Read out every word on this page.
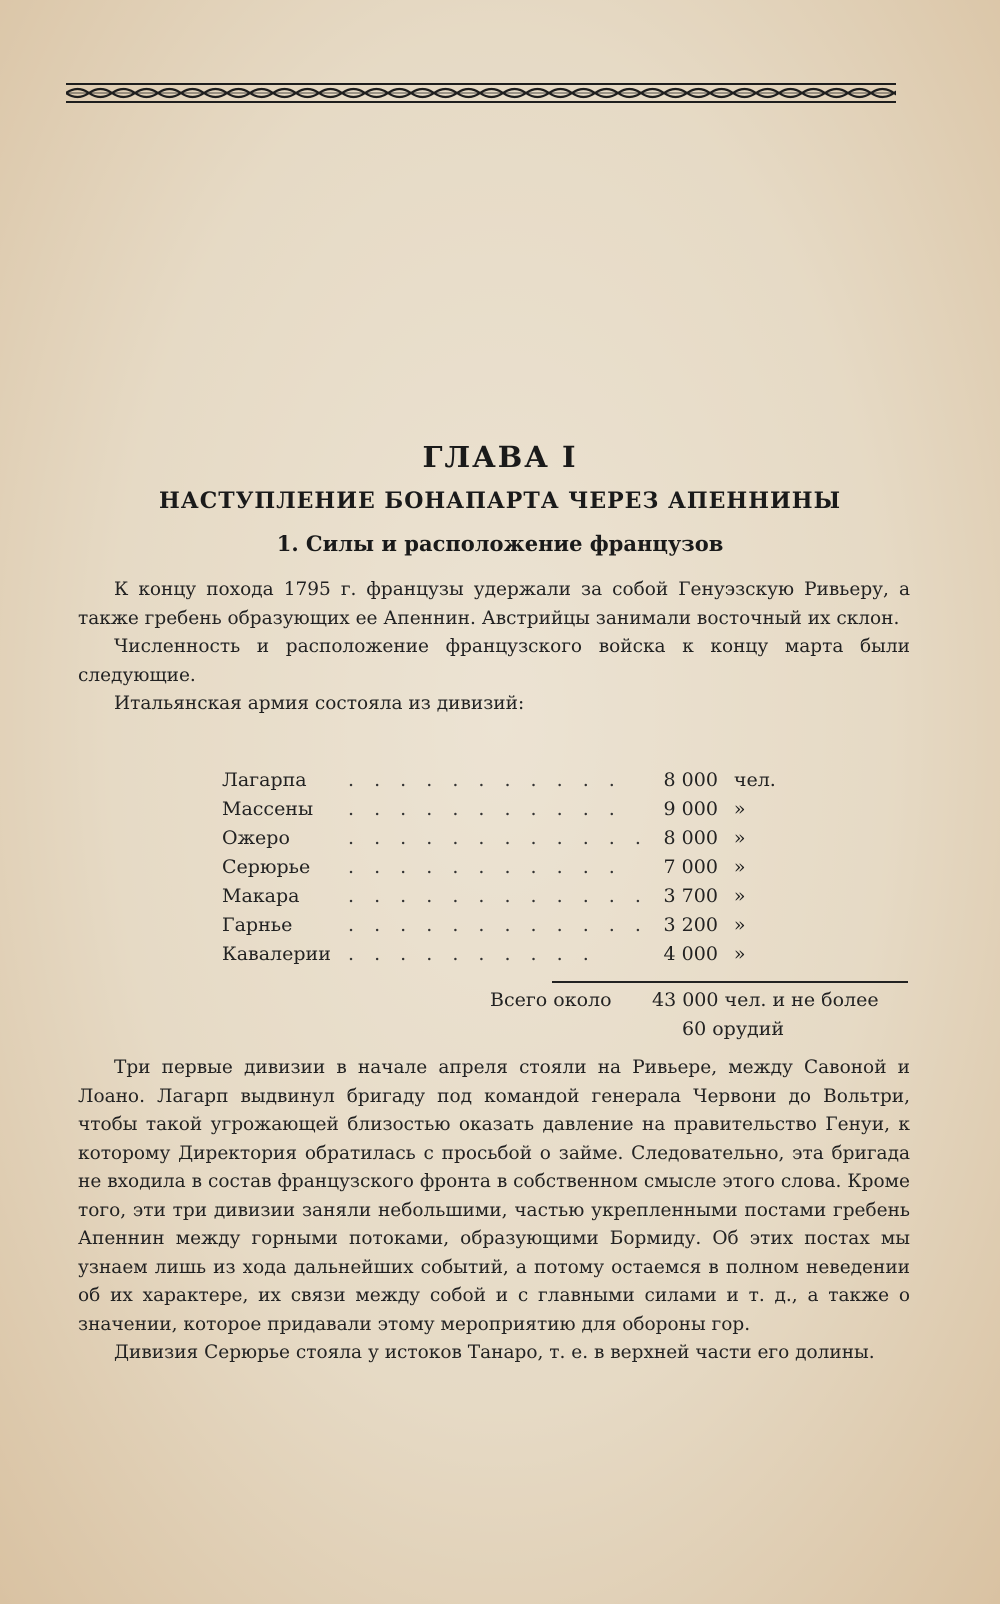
ГЛАВА I
НАСТУПЛЕНИЕ БОНАПАРТА ЧЕРЕЗ АПЕННИНЫ
1. Силы и расположение французов

К концу похода 1795 г. французы удержали за собой Генуэзскую Ривьеру, а также гребень образующих ее Апеннин. Австрийцы занимали восточный их склон.

Численность и расположение французского войска к концу марта были следующие.

Итальянская армия состояла из дивизий:

Лагарпа	. . . . . . . . . . .	8 000	чел.
Массены	. . . . . . . . . . .	9 000	»
Ожеро	. . . . . . . . . . . .	8 000	»
Серюрье	. . . . . . . . . . .	7 000	»
Макара	. . . . . . . . . . . .	3 700	»
Гарнье	. . . . . . . . . . . .	3 200	»
Кавалерии	. . . . . . . . . .	4 000	»
Всего около 43 000 чел. и не более
60 орудий

Три первые дивизии в начале апреля стояли на Ривьере, между Савоной и Лоано. Лагарп выдвинул бригаду под командой генерала Червони до Вольтри, чтобы такой угрожающей близостью оказать давление на правительство Генуи, к которому Директория обратилась с просьбой о займе. Следовательно, эта бригада не входила в состав французского фронта в собственном смысле этого слова. Кроме того, эти три дивизии заняли небольшими, частью укрепленными постами гребень Апеннин между горными потоками, образующими Бормиду. Об этих постах мы узнаем лишь из хода дальнейших событий, а потому остаемся в полном неведении об их характере, их связи между собой и с главными силами и т. д., а также о значении, которое придавали этому мероприятию для обороны гор.

Дивизия Серюрье стояла у истоков Танаро, т. е. в верхней части его долины.
